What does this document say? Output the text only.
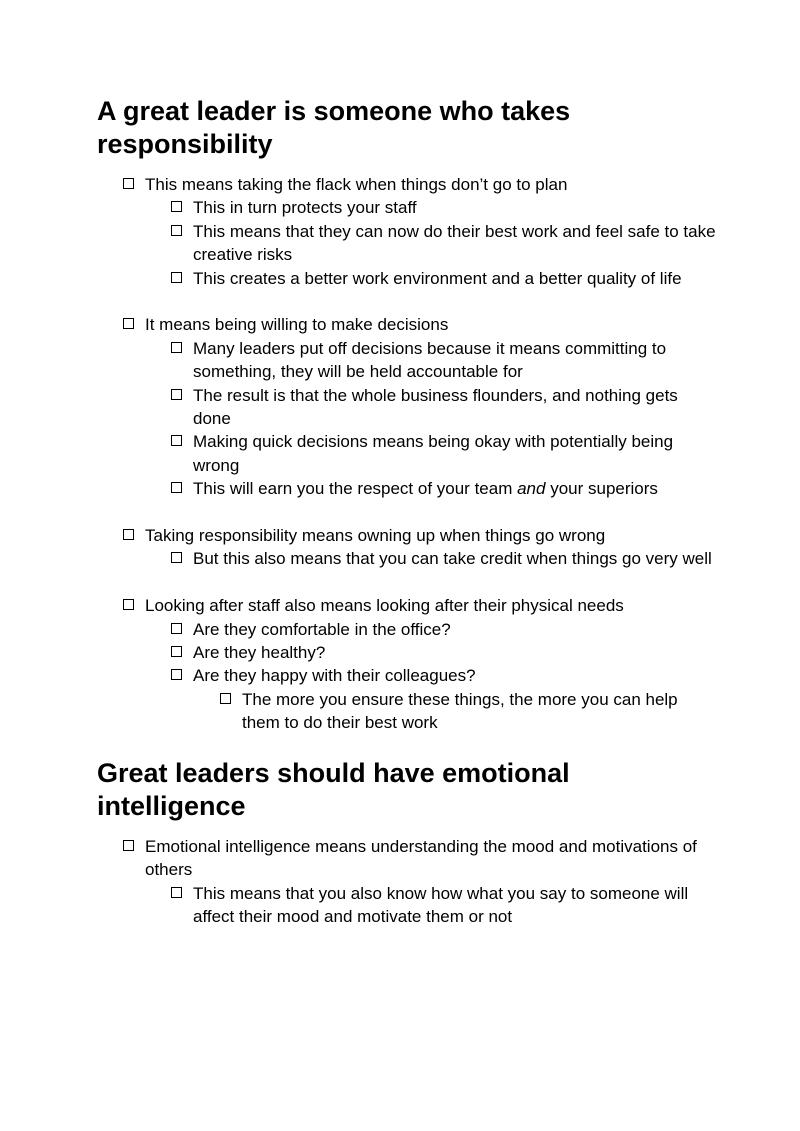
A great leader is someone who takes responsibility
This means taking the flack when things don’t go to plan
This in turn protects your staff
This means that they can now do their best work and feel safe to take creative risks
This creates a better work environment and a better quality of life
It means being willing to make decisions
Many leaders put off decisions because it means committing to something, they will be held accountable for
The result is that the whole business flounders, and nothing gets done
Making quick decisions means being okay with potentially being wrong
This will earn you the respect of your team and your superiors
Taking responsibility means owning up when things go wrong
But this also means that you can take credit when things go very well
Looking after staff also means looking after their physical needs
Are they comfortable in the office?
Are they healthy?
Are they happy with their colleagues?
The more you ensure these things, the more you can help them to do their best work
Great leaders should have emotional intelligence
Emotional intelligence means understanding the mood and motivations of others
This means that you also know how what you say to someone will affect their mood and motivate them or not
